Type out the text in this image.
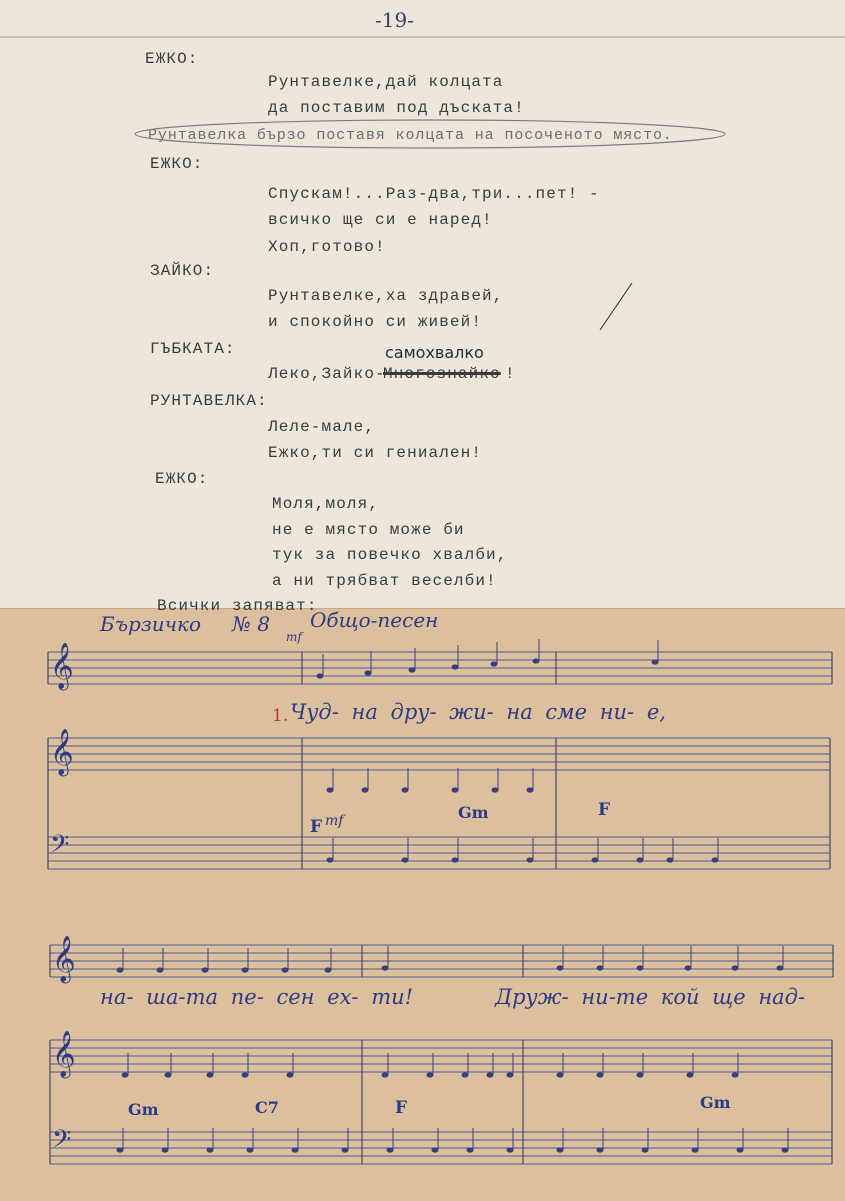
-19-
ЕЖКО:
Рунтавелке,дай колцата
да поставим под дъската!
Рунтавелка бързо поставя колцата на посоченото място.
ЕЖКО:
Спускам!...Раз-два,три...пет! -
всичко ще си е наред!
Хоп,готово!
ЗАЙКО:
Рунтавелке,ха здравей,
и спокойно си живей!
ГЪБКАТА:
Леко,Зайко-
РУНТАВЕЛКА:
Леле-мале,
Ежко,ти си гениален!
ЕЖКО:
Моля,моля,
не е място може би
тук за повечко хвалби,
а ни трябват веселби!
Всички запяват:
Многознайко
самохвалко
!
Бързичко № 8
mf
Общо-песен
1. Чуд- на дру- жи- на сме ни- е,
на- ша-та пе- сен ех- ти!	Друж- ни-те кой ще над-
F mf	Gm	F
Gm	C7	F	Gm
𝄞
𝄞
𝄢
𝄞
𝄞
𝄢
